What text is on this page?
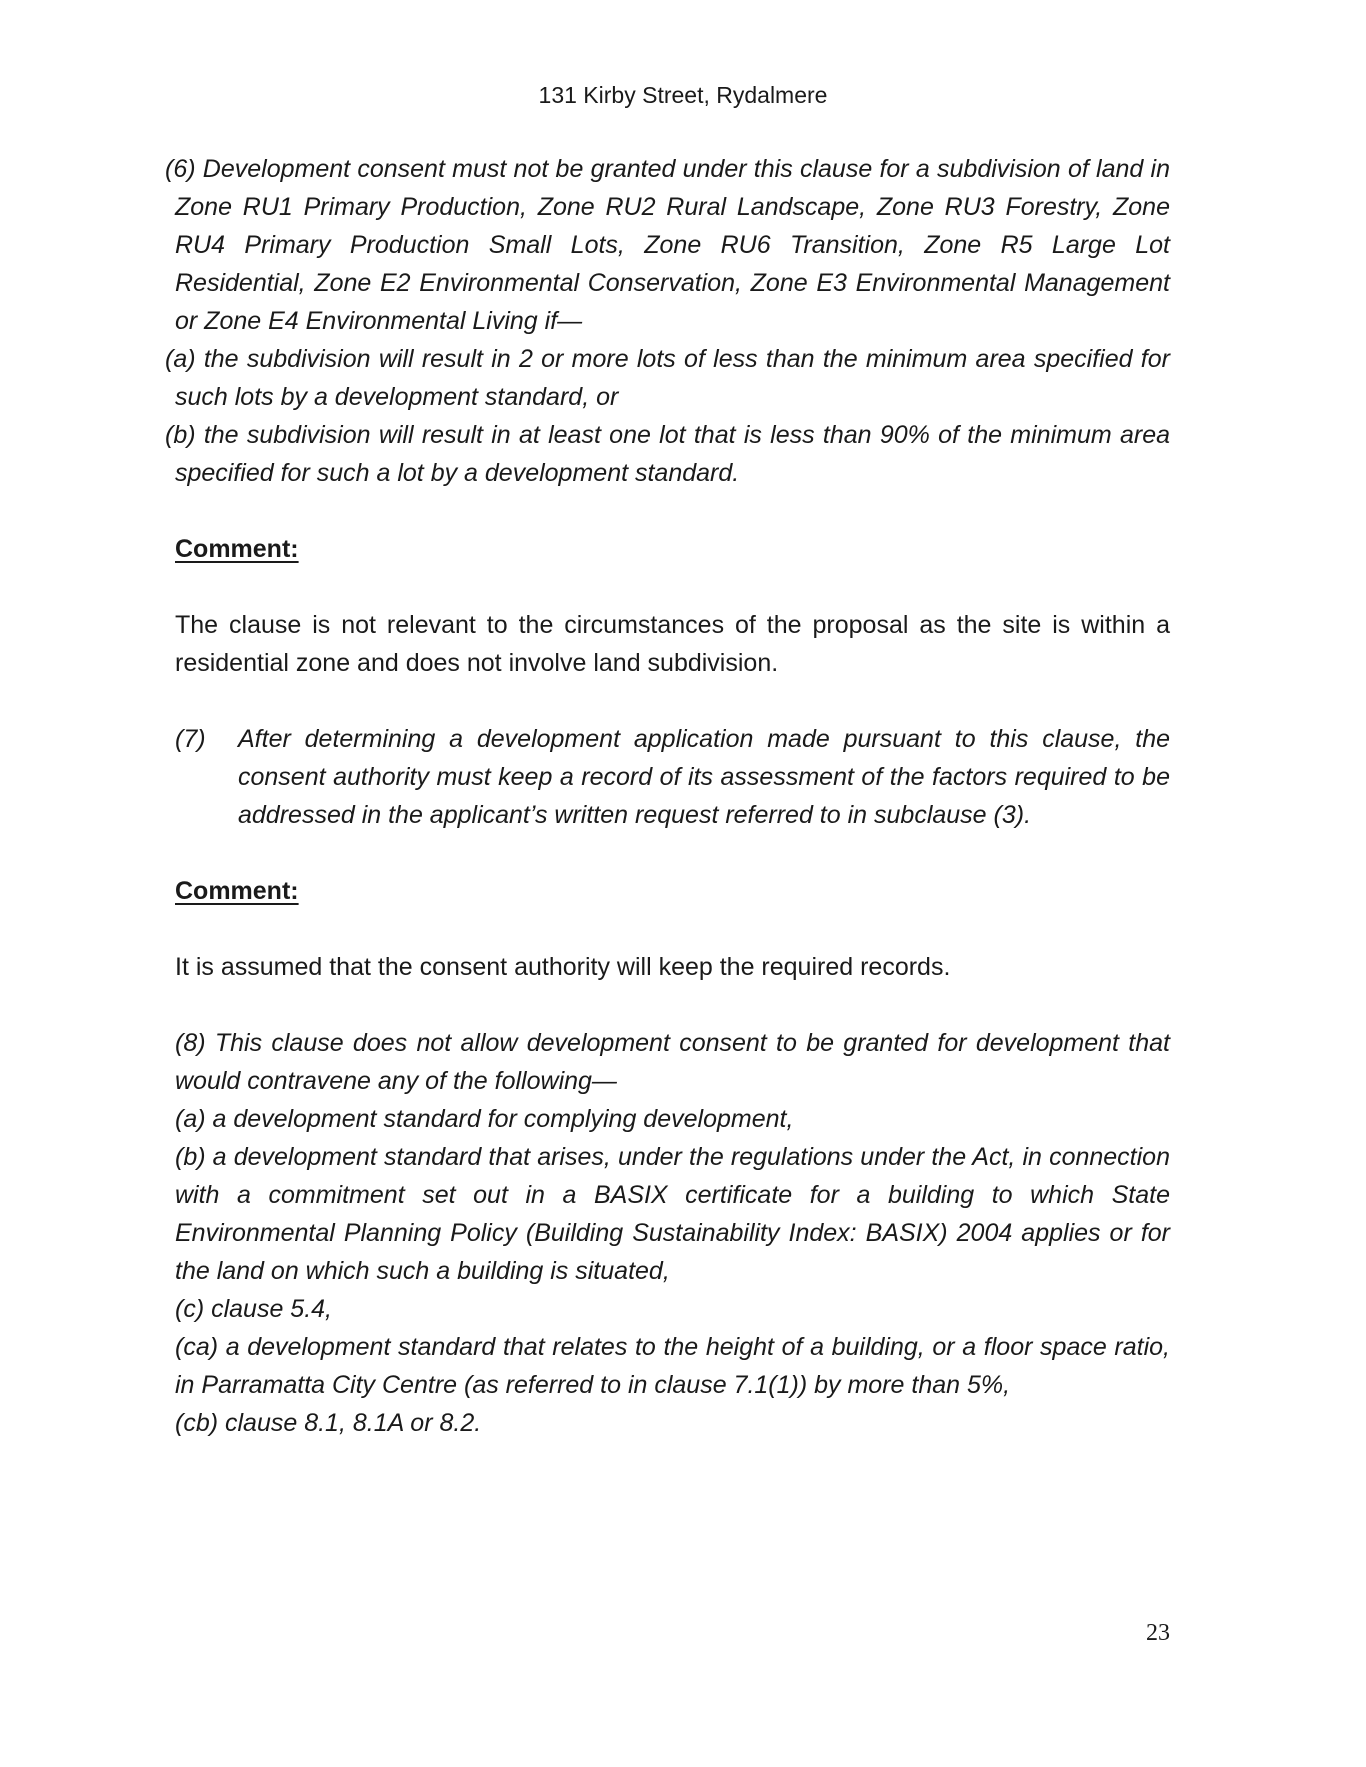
131 Kirby Street, Rydalmere

(6) Development consent must not be granted under this clause for a subdivision of land in Zone RU1 Primary Production, Zone RU2 Rural Landscape, Zone RU3 Forestry, Zone RU4 Primary Production Small Lots, Zone RU6 Transition, Zone R5 Large Lot Residential, Zone E2 Environmental Conservation, Zone E3 Environmental Management or Zone E4 Environmental Living if—

(a) the subdivision will result in 2 or more lots of less than the minimum area specified for such lots by a development standard, or

(b) the subdivision will result in at least one lot that is less than 90% of the minimum area specified for such a lot by a development standard.

Comment:

The clause is not relevant to the circumstances of the proposal as the site is within a residential zone and does not involve land subdivision.

(7)	After determining a development application made pursuant to this clause, the consent authority must keep a record of its assessment of the factors required to be addressed in the applicant’s written request referred to in subclause (3).

Comment:

It is assumed that the consent authority will keep the required records.

(8) This clause does not allow development consent to be granted for development that would contravene any of the following—

(a) a development standard for complying development,

(b) a development standard that arises, under the regulations under the Act, in connection with a commitment set out in a BASIX certificate for a building to which State Environmental Planning Policy (Building Sustainability Index: BASIX) 2004 applies or for the land on which such a building is situated,

(c) clause 5.4,

(ca) a development standard that relates to the height of a building, or a floor space ratio, in Parramatta City Centre (as referred to in clause 7.1(1)) by more than 5%,

(cb) clause 8.1, 8.1A or 8.2.

23
